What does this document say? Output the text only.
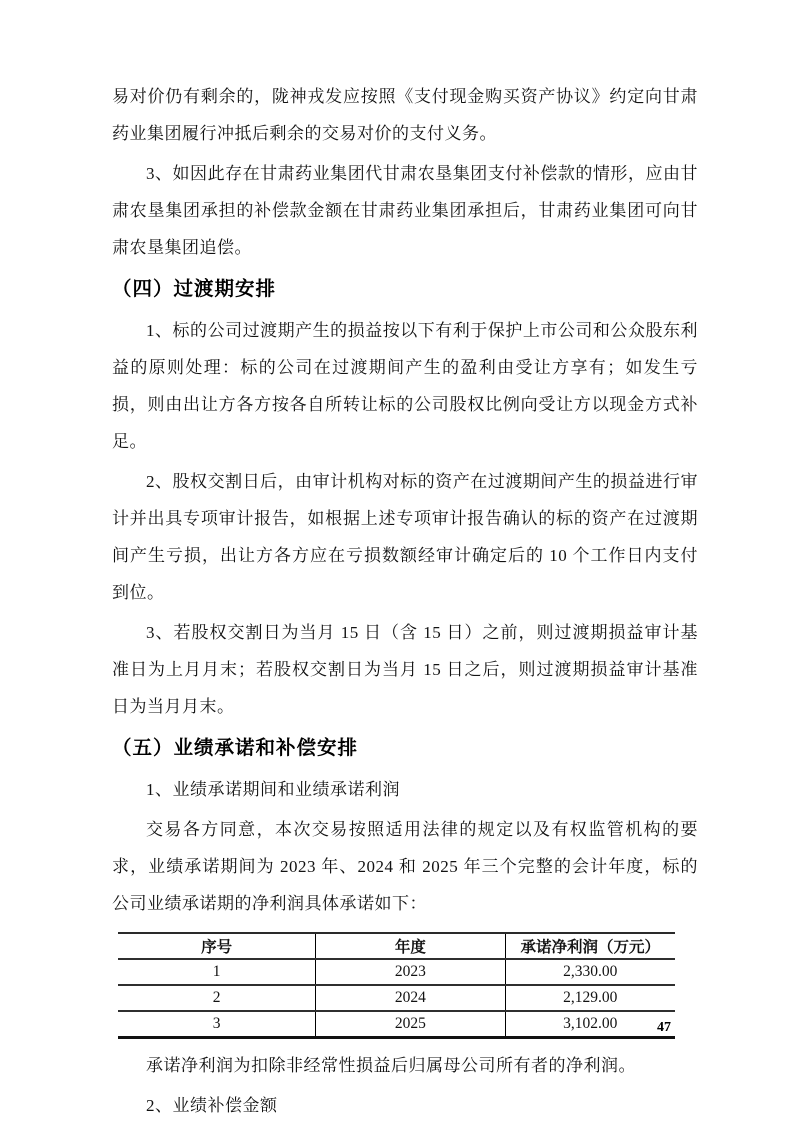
易对价仍有剩余的，陇神戎发应按照《支付现金购买资产协议》约定向甘肃药业集团履行冲抵后剩余的交易对价的支付义务。

3、如因此存在甘肃药业集团代甘肃农垦集团支付补偿款的情形，应由甘肃农垦集团承担的补偿款金额在甘肃药业集团承担后，甘肃药业集团可向甘肃农垦集团追偿。

（四）过渡期安排

1、标的公司过渡期产生的损益按以下有利于保护上市公司和公众股东利益的原则处理：标的公司在过渡期间产生的盈利由受让方享有；如发生亏损，则由出让方各方按各自所转让标的公司股权比例向受让方以现金方式补足。

2、股权交割日后，由审计机构对标的资产在过渡期间产生的损益进行审计并出具专项审计报告，如根据上述专项审计报告确认的标的资产在过渡期间产生亏损，出让方各方应在亏损数额经审计确定后的 10 个工作日内支付到位。

3、若股权交割日为当月 15 日（含 15 日）之前，则过渡期损益审计基准日为上月月末；若股权交割日为当月 15 日之后，则过渡期损益审计基准日为当月月末。

（五）业绩承诺和补偿安排

1、业绩承诺期间和业绩承诺利润

交易各方同意，本次交易按照适用法律的规定以及有权监管机构的要求，业绩承诺期间为 2023 年、2024 和 2025 年三个完整的会计年度，标的公司业绩承诺期的净利润具体承诺如下：

序号	年度	承诺净利润（万元）
1	2023	2,330.00
2	2024	2,129.00
3	2025	3,102.00

承诺净利润为扣除非经常性损益后归属母公司所有者的净利润。

2、业绩补偿金额

47
